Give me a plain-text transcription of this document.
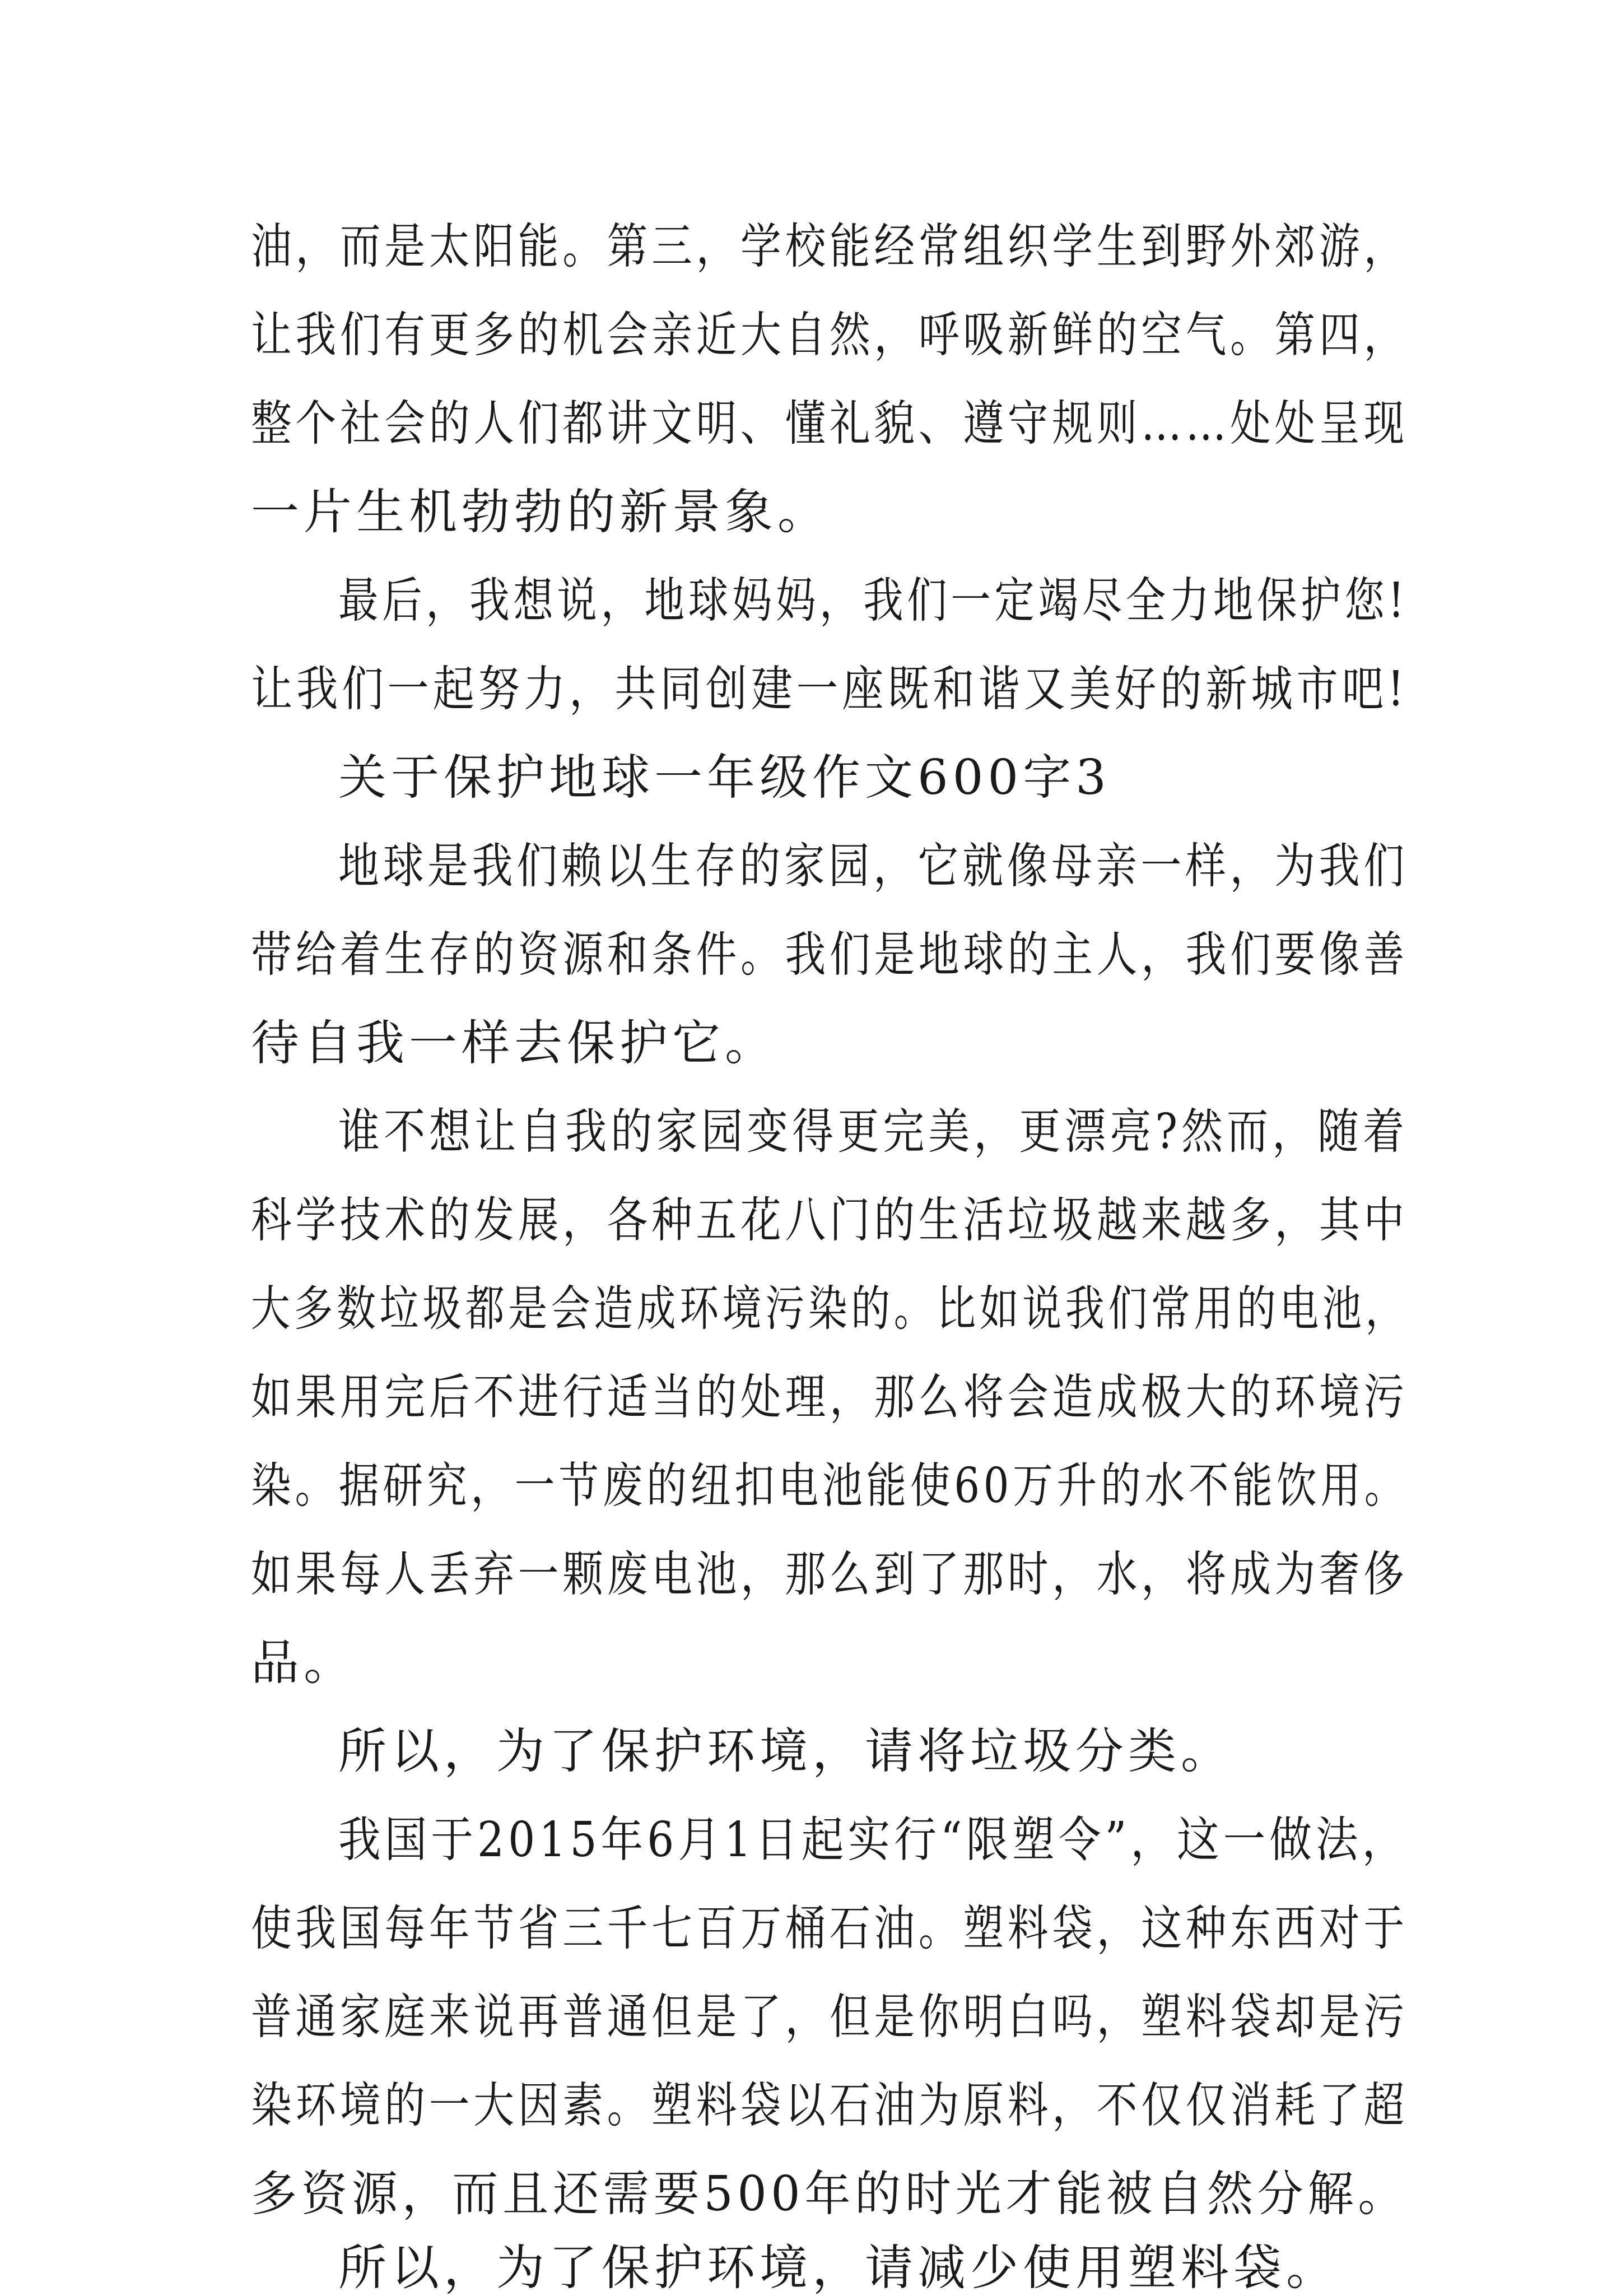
油，而是太阳能。第三，学校能经常组织学生到野外郊游，
让我们有更多的机会亲近大自然，呼吸新鲜的空气。第四，
整个社会的人们都讲文明、懂礼貌、遵守规则……处处呈现
一片生机勃勃的新景象。
最后，我想说，地球妈妈，我们一定竭尽全力地保护您!
让我们一起努力，共同创建一座既和谐又美好的新城市吧!
关于保护地球一年级作文600字3
地球是我们赖以生存的家园，它就像母亲一样，为我们
带给着生存的资源和条件。我们是地球的主人，我们要像善
待自我一样去保护它。
谁不想让自我的家园变得更完美，更漂亮?然而，随着
科学技术的发展，各种五花八门的生活垃圾越来越多，其中
大多数垃圾都是会造成环境污染的。比如说我们常用的电池，
如果用完后不进行适当的处理，那么将会造成极大的环境污
染。据研究，一节废的纽扣电池能使60万升的水不能饮用。
如果每人丢弃一颗废电池，那么到了那时，水，将成为奢侈
品。
所以，为了保护环境，请将垃圾分类。
我国于2015年6月1日起实行“限塑令”，这一做法，
使我国每年节省三千七百万桶石油。塑料袋，这种东西对于
普通家庭来说再普通但是了，但是你明白吗，塑料袋却是污
染环境的一大因素。塑料袋以石油为原料，不仅仅消耗了超
多资源，而且还需要500年的时光才能被自然分解。
所以，为了保护环境，请减少使用塑料袋。
